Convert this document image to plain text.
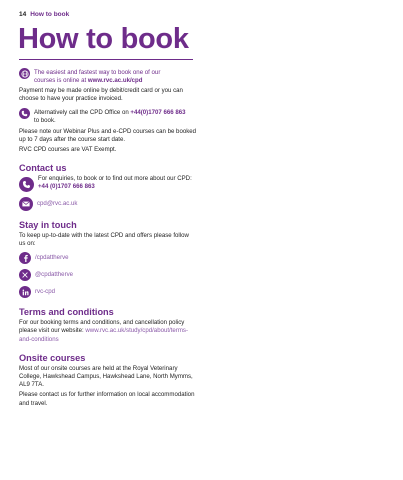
14 How to book
How to book
The easiest and fastest way to book one of our
courses is online at www.rvc.ac.uk/cpd

Payment may be made online by debit/credit card or you can choose to have your practice invoiced.

Alternatively call the CPD Office on +44(0)1707 666 863
to book.

Please note our Webinar Plus and e-CPD courses can be booked up to 7 days after the course start date.

RVC CPD courses are VAT Exempt.

Contact us
For enquiries, to book or to find out more about our CPD:
+44 (0)1707 666 863
cpd@rvc.ac.uk
Stay in touch

To keep up-to-date with the latest CPD and offers please follow us on:

/cpdattherve
@cpdattherve
rvc-cpd
Terms and conditions

For our booking terms and conditions, and cancellation policy please visit our website: www.rvc.ac.uk/study/cpd/about/terms-and-conditions

Onsite courses

Most of our onsite courses are held at the Royal Veterinary College, Hawkshead Campus, Hawkshead Lane, North Mymms, AL9 7TA.

Please contact us for further information on local accommodation and travel.
